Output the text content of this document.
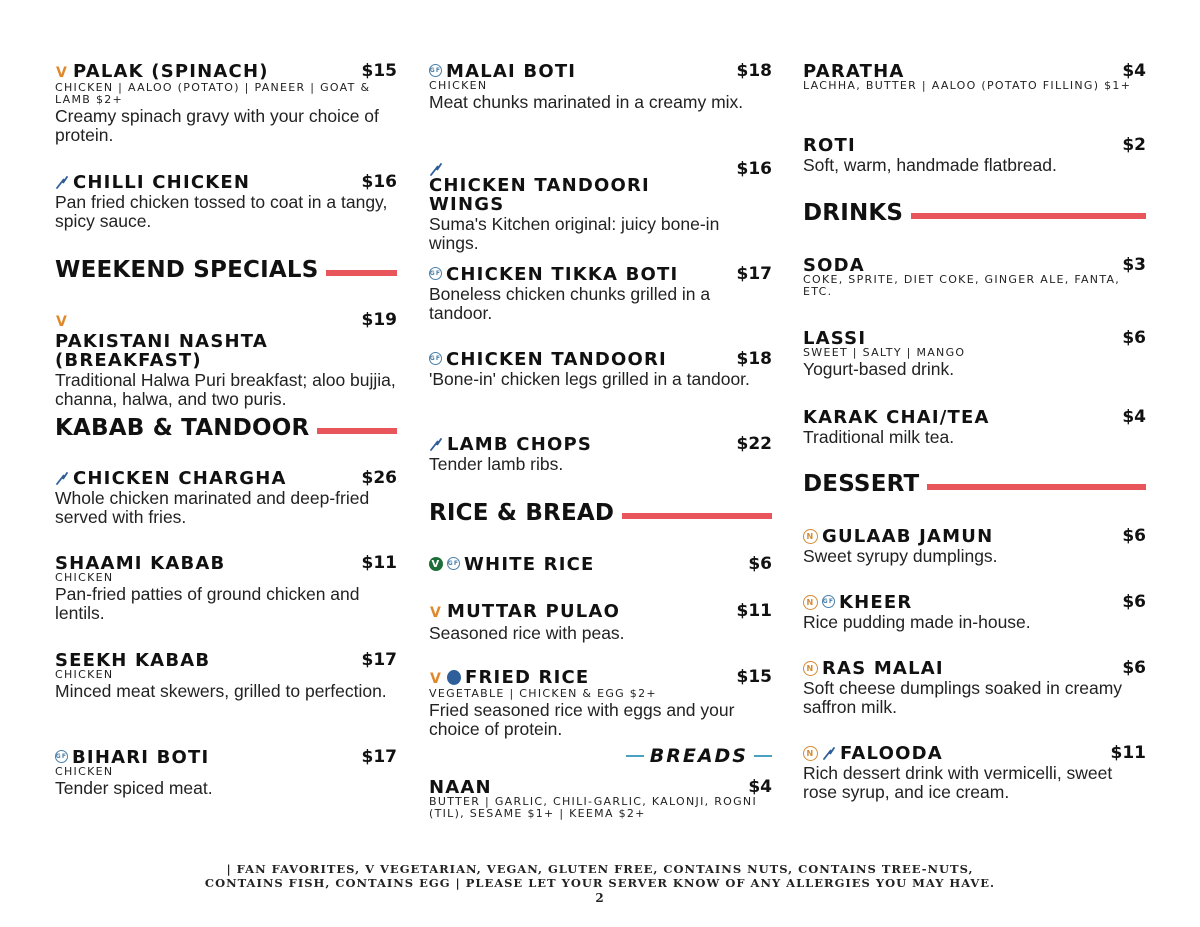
V PALAK (SPINACH)	$15
CHICKEN | AALOO (POTATO) | PANEER | GOAT & LAMB $2+
Creamy spinach gravy with your choice of protein.
CHILLI CHICKEN	$16
Pan fried chicken tossed to coat in a tangy, spicy sauce.
WEEKEND SPECIALS
V
PAKISTANI NASHTA (BREAKFAST)
$19
Traditional Halwa Puri breakfast; aloo bujjia, channa, halwa, and two puris.
KABAB & TANDOOR
CHICKEN CHARGHA	$26
Whole chicken marinated and deep-fried served with fries.
SHAAMI KABAB	$11
CHICKEN
Pan-fried patties of ground chicken and lentils.
SEEKH KABAB	$17
CHICKEN
Minced meat skewers, grilled to perfection.
GF BIHARI BOTI	$17
CHICKEN
Tender spiced meat.
GF MALAI BOTI	$18
CHICKEN
Meat chunks marinated in a creamy mix.
CHICKEN TANDOORI WINGS
$16
Suma's Kitchen original: juicy bone-in wings.
GF CHICKEN TIKKA BOTI	$17
Boneless chicken chunks grilled in a tandoor.
GF CHICKEN TANDOORI	$18
'Bone-in' chicken legs grilled in a tandoor.
LAMB CHOPS	$22
Tender lamb ribs.
RICE & BREAD
V	GF WHITE RICE	$6
V MUTTAR PULAO	$11
Seasoned rice with peas.
V FRIED RICE	$15
VEGETABLE | CHICKEN & EGG $2+
Fried seasoned rice with eggs and your choice of protein.
BREADS
NAAN	$4
BUTTER | GARLIC, CHILI-GARLIC, KALONJI, ROGNI (TIL), SESAME $1+ | KEEMA $2+
PARATHA	$4
LACHHA, BUTTER | AALOO (POTATO FILLING) $1+
ROTI	$2
Soft, warm, handmade flatbread.
DRINKS
SODA	$3
COKE, SPRITE, DIET COKE, GINGER ALE, FANTA, ETC.
LASSI	$6
SWEET | SALTY | MANGO
Yogurt-based drink.
KARAK CHAI/TEA	$4
Traditional milk tea.
DESSERT
N GULAAB JAMUN	$6
Sweet syrupy dumplings.
N	GF KHEER	$6
Rice pudding made in-house.
N RAS MALAI	$6
Soft cheese dumplings soaked in creamy saffron milk.
N FALOODA	$11
Rich dessert drink with vermicelli, sweet rose syrup, and ice cream.
| FAN FAVORITES, V VEGETARIAN, VEGAN, GLUTEN FREE, CONTAINS NUTS, CONTAINS TREE-NUTS,
CONTAINS FISH, CONTAINS EGG | PLEASE LET YOUR SERVER KNOW OF ANY ALLERGIES YOU MAY HAVE.
2
